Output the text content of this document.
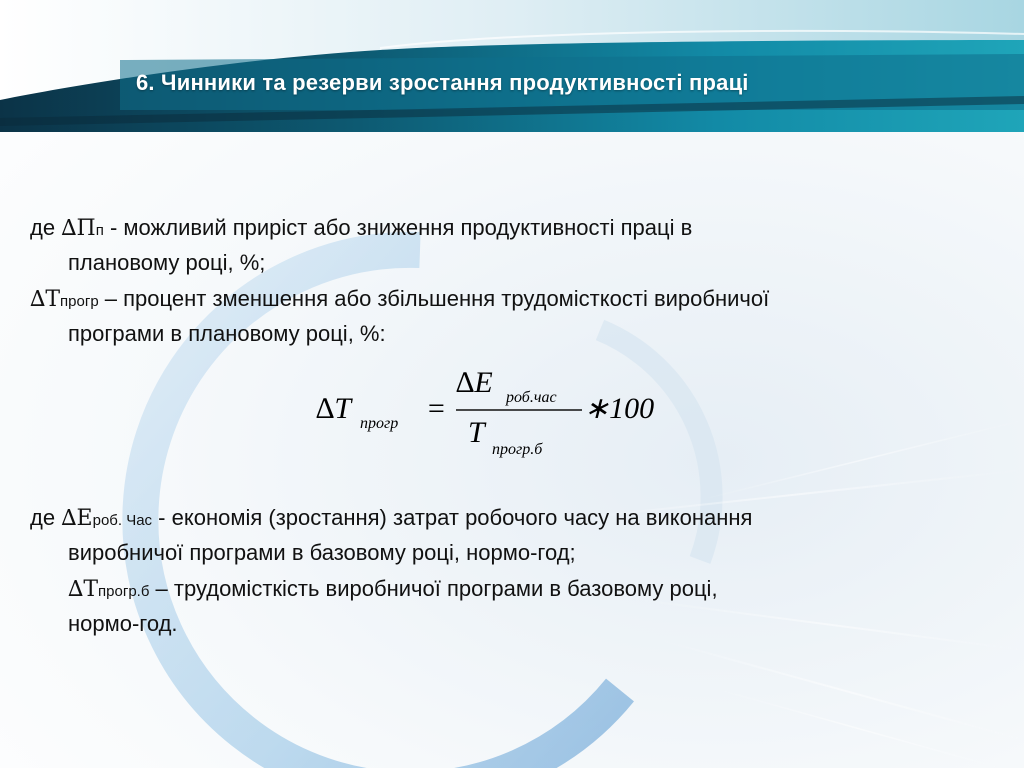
6. Чинники та резерви зростання продуктивності праці

де ∆Пп - можливий приріст або зниження продуктивності праці в
плановому році, %;

∆Тпрогр – процент зменшення або збільшення трудомісткості виробничої
програми в плановому році, %:

∆T прогр =
∆E роб.час
T
прогр.б
∗100

де ∆Ероб. Час - економія (зростання) затрат робочого часу на виконання
виробничої програми в базовому році, нормо-год;

∆Тпрогр.б – трудомісткість виробничої програми в базовому році,
нормо-год.
